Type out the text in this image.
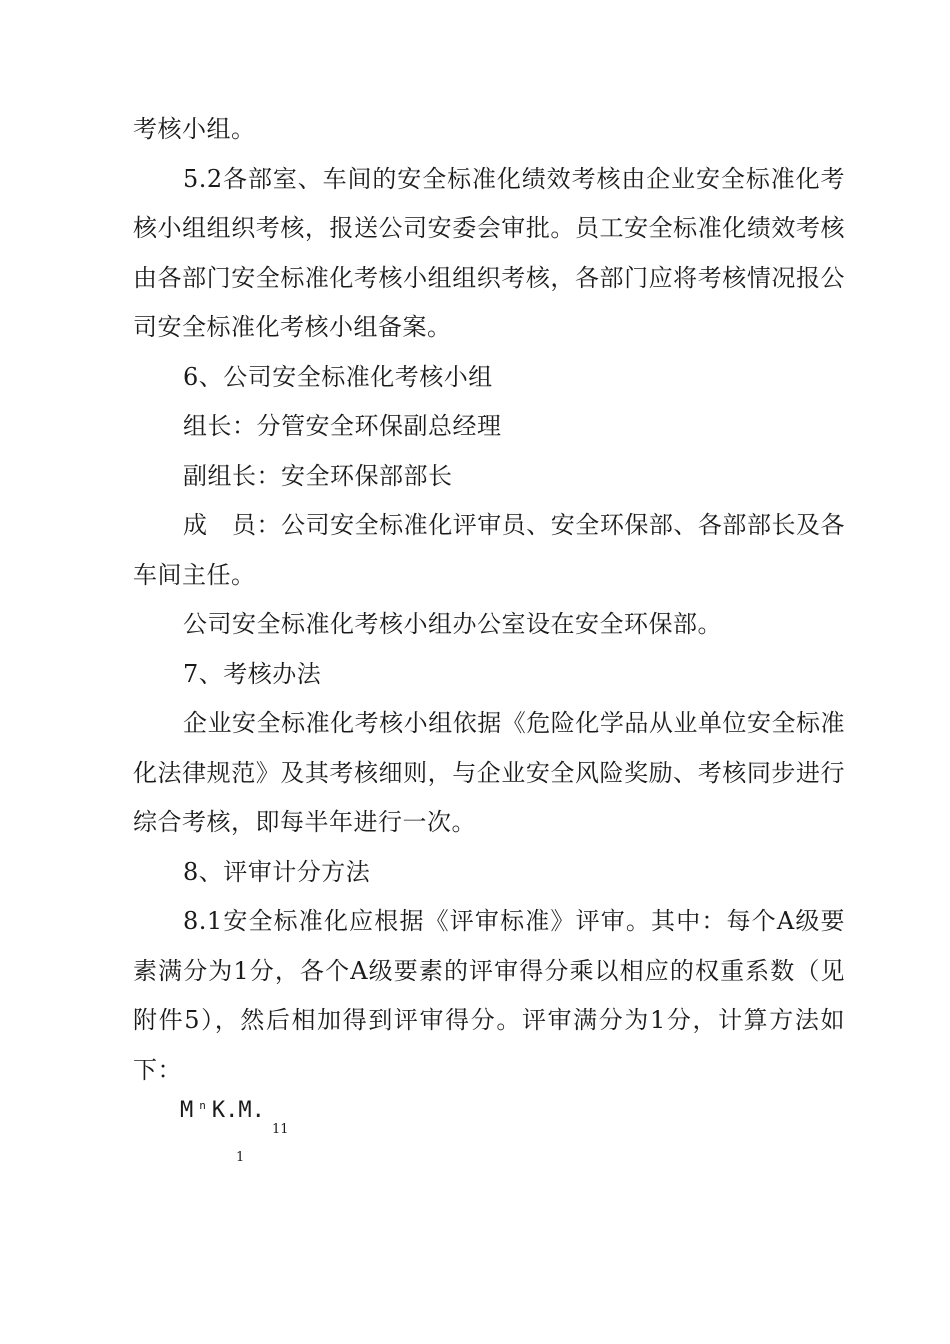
考核小组。

5.2各部室、车间的安全标准化绩效考核由企业安全标准化考核小组组织考核，报送公司安委会审批。员工安全标准化绩效考核由各部门安全标准化考核小组组织考核，各部门应将考核情况报公司安全标准化考核小组备案。

6、公司安全标准化考核小组

组长：分管安全环保副总经理

副组长：安全环保部部长

成　员：公司安全标准化评审员、安全环保部、各部部长及各车间主任。

公司安全标准化考核小组办公室设在安全环保部。

7、考核办法

企业安全标准化考核小组依据《危险化学品从业单位安全标准化法律规范》及其考核细则，与企业安全风险奖励、考核同步进行综合考核，即每半年进行一次。

8、评审计分方法

8.1安全标准化应根据《评审标准》评审。其中：每个A级要素满分为1分，各个A级要素的评审得分乘以相应的权重系数（见附件5），然后相加得到评审得分。评审满分为1分，计算方法如下：

M $^n$ K.M.
11
1
